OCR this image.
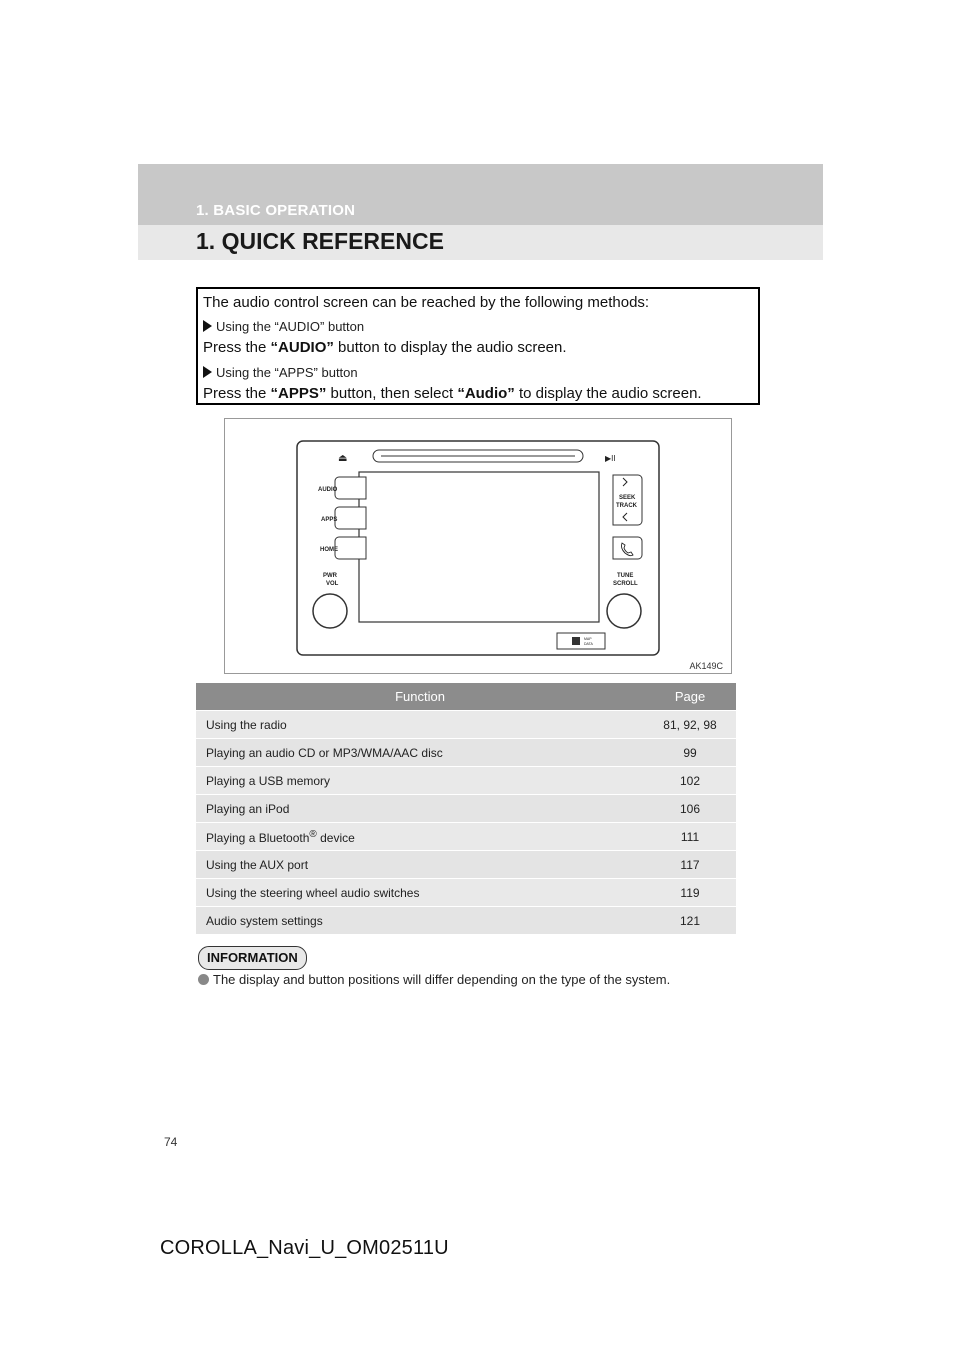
1. BASIC OPERATION
1. QUICK REFERENCE

The audio control screen can be reached by the following methods:

Using the “AUDIO” button

Press the “AUDIO” button to display the audio screen.

Using the “APPS” button

Press the “APPS” button, then select “Audio” to display the audio screen.

⏏	▶II
AUDIO
APPS
HOME
PWR
VOL
SEEK
TRACK
TUNE
SCROLL
MAP
DATA
AK149C
Function	Page
Using the radio	81, 92, 98
Playing an audio CD or MP3/WMA/AAC disc	99
Playing a USB memory	102
Playing an iPod	106
Playing a Bluetooth® device	111
Using the AUX port	117
Using the steering wheel audio switches	119
Audio system settings	121
INFORMATION
The display and button positions will differ depending on the type of the system.
74
COROLLA_Navi_U_OM02511U
